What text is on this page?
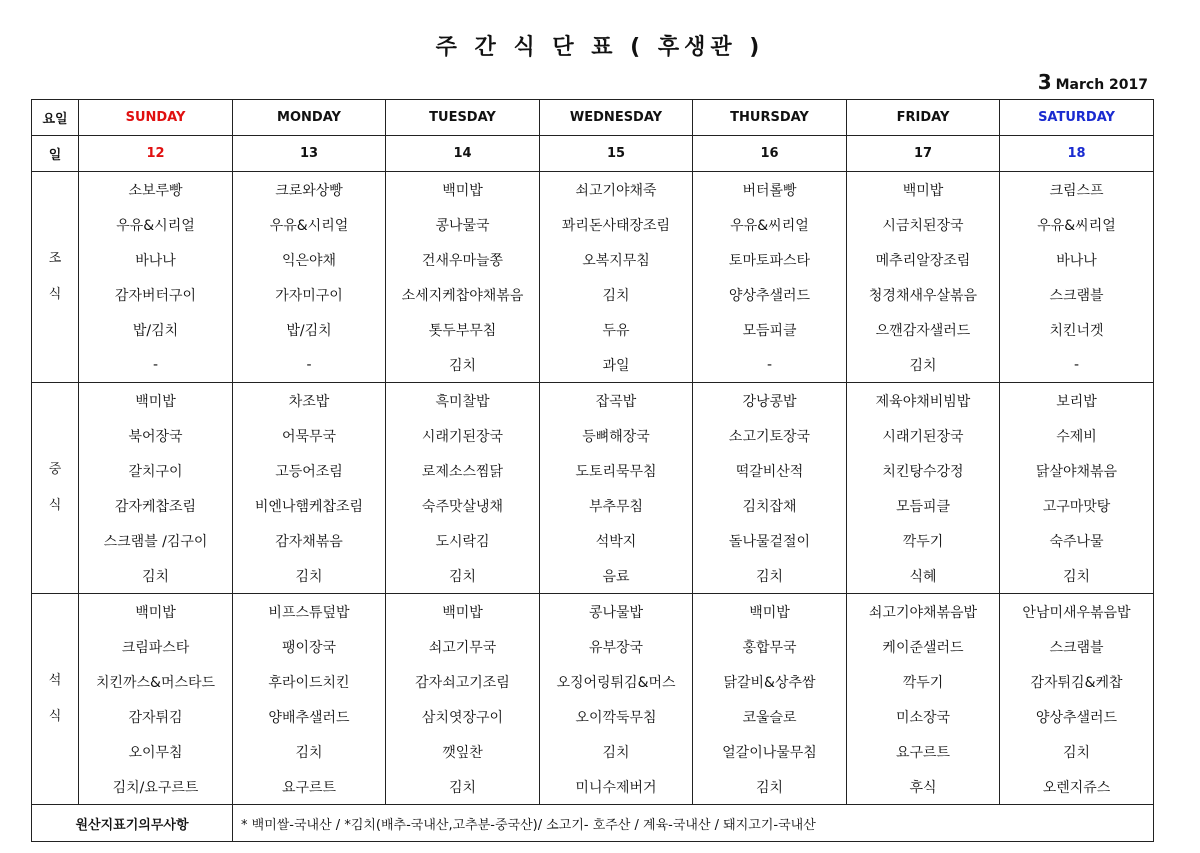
주 간 식 단 표 ( 후생관 )
3 March 2017
요일	SUNDAY	MONDAY	TUESDAY	WEDNESDAY	THURSDAY	FRIDAY	SATURDAY
일	12	13	14	15	16	17	18

조
식	소보루빵	크로와상빵	백미밥	쇠고기야채죽	버터롤빵	백미밥	크림스프
	우유&시리얼	우유&시리얼	콩나물국	꽈리돈사태장조림	우유&씨리얼	시금치된장국	우유&씨리얼
	바나나	익은야채	건새우마늘쫑	오복지무침	토마토파스타	메추리알장조림	바나나
	감자버터구이	가자미구이	소세지케찹야채볶음	김치	양상추샐러드	청경채새우살볶음	스크램블
	밥/김치	밥/김치	톳두부무침	두유	모듬피클	으깬감자샐러드	치킨너겟
	-	-	김치	과일	-	김치	-

중
식	백미밥	차조밥	흑미찰밥	잡곡밥	강낭콩밥	제육야채비빔밥	보리밥
	북어장국	어묵무국	시래기된장국	등뼈해장국	소고기토장국	시래기된장국	수제비
	갈치구이	고등어조림	로제소스찜닭	도토리묵무침	떡갈비산적	치킨탕수강정	닭살야채볶음
	감자케찹조림	비엔나햄케찹조림	숙주맛살냉채	부추무침	김치잡채	모듬피클	고구마맛탕
	스크램블 /김구이	감자채볶음	도시락김	석박지	돌나물겉절이	깍두기	숙주나물
	김치	김치	김치	음료	김치	식혜	김치

석
식	백미밥	비프스튜덮밥	백미밥	콩나물밥	백미밥	쇠고기야채볶음밥	안남미새우볶음밥
	크림파스타	팽이장국	쇠고기무국	유부장국	홍합무국	케이준샐러드	스크램블
	치킨까스&머스타드	후라이드치킨	감자쇠고기조림	오징어링튀김&머스	닭갈비&상추쌈	깍두기	감자튀김&케찹
	감자튀김	양배추샐러드	삼치엿장구이	오이깍둑무침	코울슬로	미소장국	양상추샐러드
	오이무침	김치	깻잎찬	김치	얼갈이나물무침	요구르트	김치
	김치/요구르트	요구르트	김치	미니수제버거	김치	후식	오렌지쥬스
원산지표기의무사항		* 백미쌀-국내산 / *김치(배추-국내산,고추분-중국산)/ 소고기- 호주산 / 계육-국내산 / 돼지고기-국내산					
